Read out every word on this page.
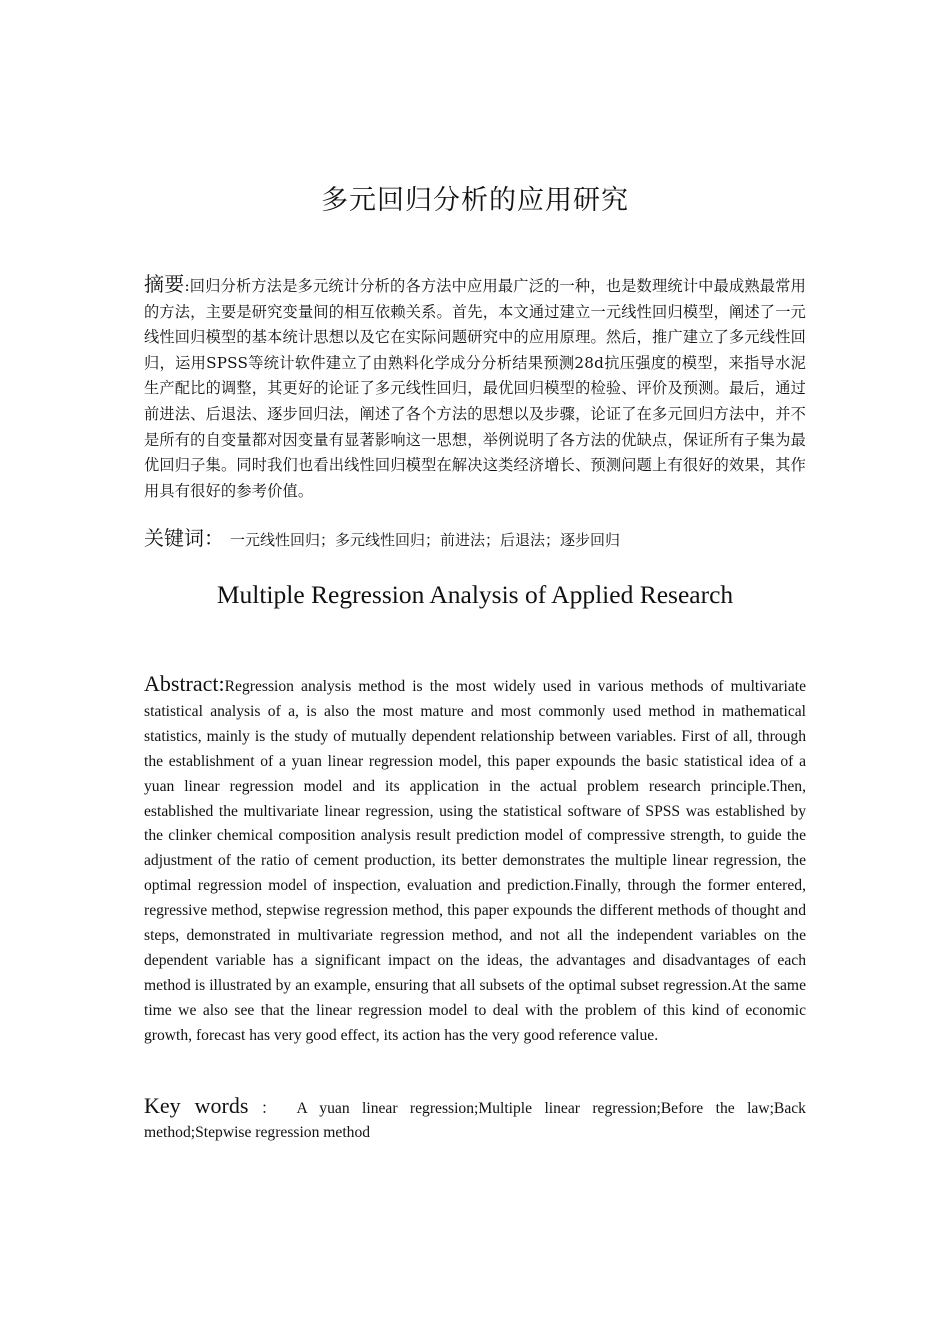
多元回归分析的应用研究
摘要:回归分析方法是多元统计分析的各方法中应用最广泛的一种，也是数理统计中最成熟最常用的方法，主要是研究变量间的相互依赖关系。首先，本文通过建立一元线性回归模型，阐述了一元线性回归模型的基本统计思想以及它在实际问题研究中的应用原理。然后，推广建立了多元线性回归，运用SPSS等统计软件建立了由熟料化学成分分析结果预测28d抗压强度的模型，来指导水泥生产配比的调整，其更好的论证了多元线性回归，最优回归模型的检验、评价及预测。最后，通过前进法、后退法、逐步回归法，阐述了各个方法的思想以及步骤，论证了在多元回归方法中，并不是所有的自变量都对因变量有显著影响这一思想，举例说明了各方法的优缺点，保证所有子集为最优回归子集。同时我们也看出线性回归模型在解决这类经济增长、预测问题上有很好的效果，其作用具有很好的参考价值。
关键词： 一元线性回归；多元线性回归；前进法；后退法；逐步回归
Multiple Regression Analysis of Applied Research
Abstract:Regression analysis method is the most widely used in various methods of multivariate statistical analysis of a, is also the most mature and most commonly used method in mathematical statistics, mainly is the study of mutually dependent relationship between variables. First of all, through the establishment of a yuan linear regression model, this paper expounds the basic statistical idea of a yuan linear regression model and its application in the actual problem research principle.Then, established the multivariate linear regression, using the statistical software of SPSS was established by the clinker chemical composition analysis result prediction model of compressive strength, to guide the adjustment of the ratio of cement production, its better demonstrates the multiple linear regression, the optimal regression model of inspection, evaluation and prediction.Finally, through the former entered, regressive method, stepwise regression method, this paper expounds the different methods of thought and steps, demonstrated in multivariate regression method, and not all the independent variables on the dependent variable has a significant impact on the ideas, the advantages and disadvantages of each method is illustrated by an example, ensuring that all subsets of the optimal subset regression.At the same time we also see that the linear regression model to deal with the problem of this kind of economic growth, forecast has very good effect, its action has the very good reference value.
Key words ： A yuan linear regression;Multiple linear regression;Before the law;Back method;Stepwise regression method
